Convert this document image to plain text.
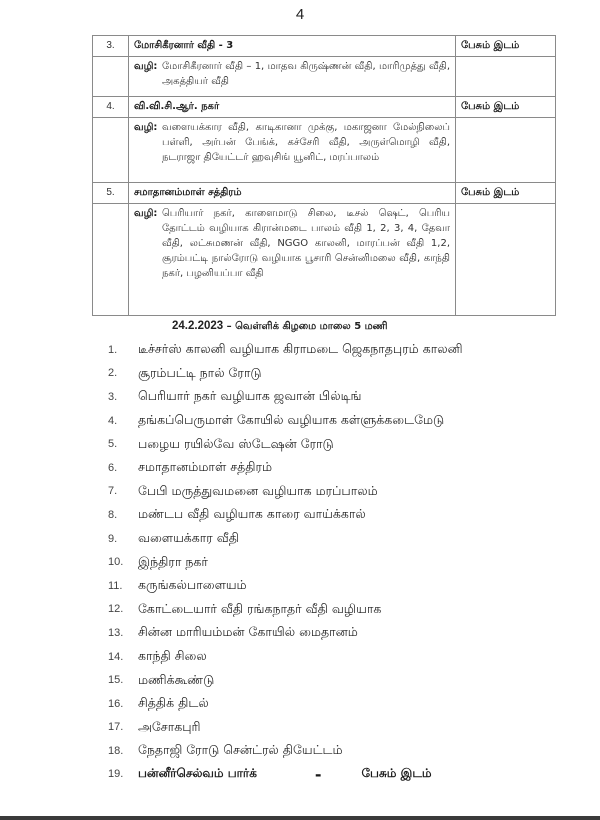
4
3.	மோசிகீரனார் வீதி - 3	பேசும் இடம்

	வழி: மோசிகீரனார் வீதி – 1, மாதவ கிருஷ்ணன் வீதி, மாரிமுத்து வீதி, அகத்தியர் வீதி	

4.	வி.வி.சி.ஆர். நகர்	பேசும் இடம்

	வழி: வளையக்கார வீதி, காடிகானா முக்கு, மகாஜனா மேல்நிலைப் பள்ளி, அர்பன் பேங்க், கச்சேரி வீதி, அருள்மொழி வீதி, நடராஜா தியேட்டர் ஹவுசிங் யூனிட், மரப்பாலம்	

5.	சமாதானம்மாள் சத்திரம்	பேசும் இடம்

	வழி: பெரியார் நகர், காளைமாடு சிலை, டீசல் ஷெட், பெரிய தோட்டம் வழியாக கிரான்மடை பாலம் வீதி 1, 2, 3, 4, தேவா வீதி, லட்சுமணன் வீதி, NGGO காலனி, மாரப்பன் வீதி 1,2, சூரம்பட்டி நால்ரோடு வழியாக பூசாரி சென்னிமலை வீதி, காந்தி நகர், பழனியப்பா வீதி	

24.2.2023 – வெள்ளிக் கிழமை மாலை 5 மணி
1.	டீச்சர்ஸ் காலனி வழியாக கிராமடை ஜெகநாதபுரம் காலனி
2.	சூரம்பட்டி நால் ரோடு
3.	பெரியார் நகர் வழியாக ஜவான் பில்டிங்
4.	தங்கப்பெருமாள் கோயில் வழியாக கள்ளுக்கடைமேடு
5.	பழைய ரயில்வே ஸ்டேஷன் ரோடு
6.	சமாதானம்மாள் சத்திரம்
7.	பேபி மருத்துவமனை வழியாக மரப்பாலம்
8.	மண்டப வீதி வழியாக காரை வாய்க்கால்
9.	வளையக்கார வீதி
10.	இந்திரா நகர்
11.	கருங்கல்பாளையம்
12.	கோட்டையார் வீதி ரங்கநாதர் வீதி வழியாக
13.	சின்ன மாரியம்மன் கோயில் மைதானம்
14.	காந்தி சிலை
15.	மணிக்கூண்டு
16.	சித்திக் திடல்
17.	அசோகபுரி
18.	நேதாஜி ரோடு சென்ட்ரல் தியேட்டம்
19.	பன்னீர்செல்வம் பார்க்	-	பேசும் இடம்
